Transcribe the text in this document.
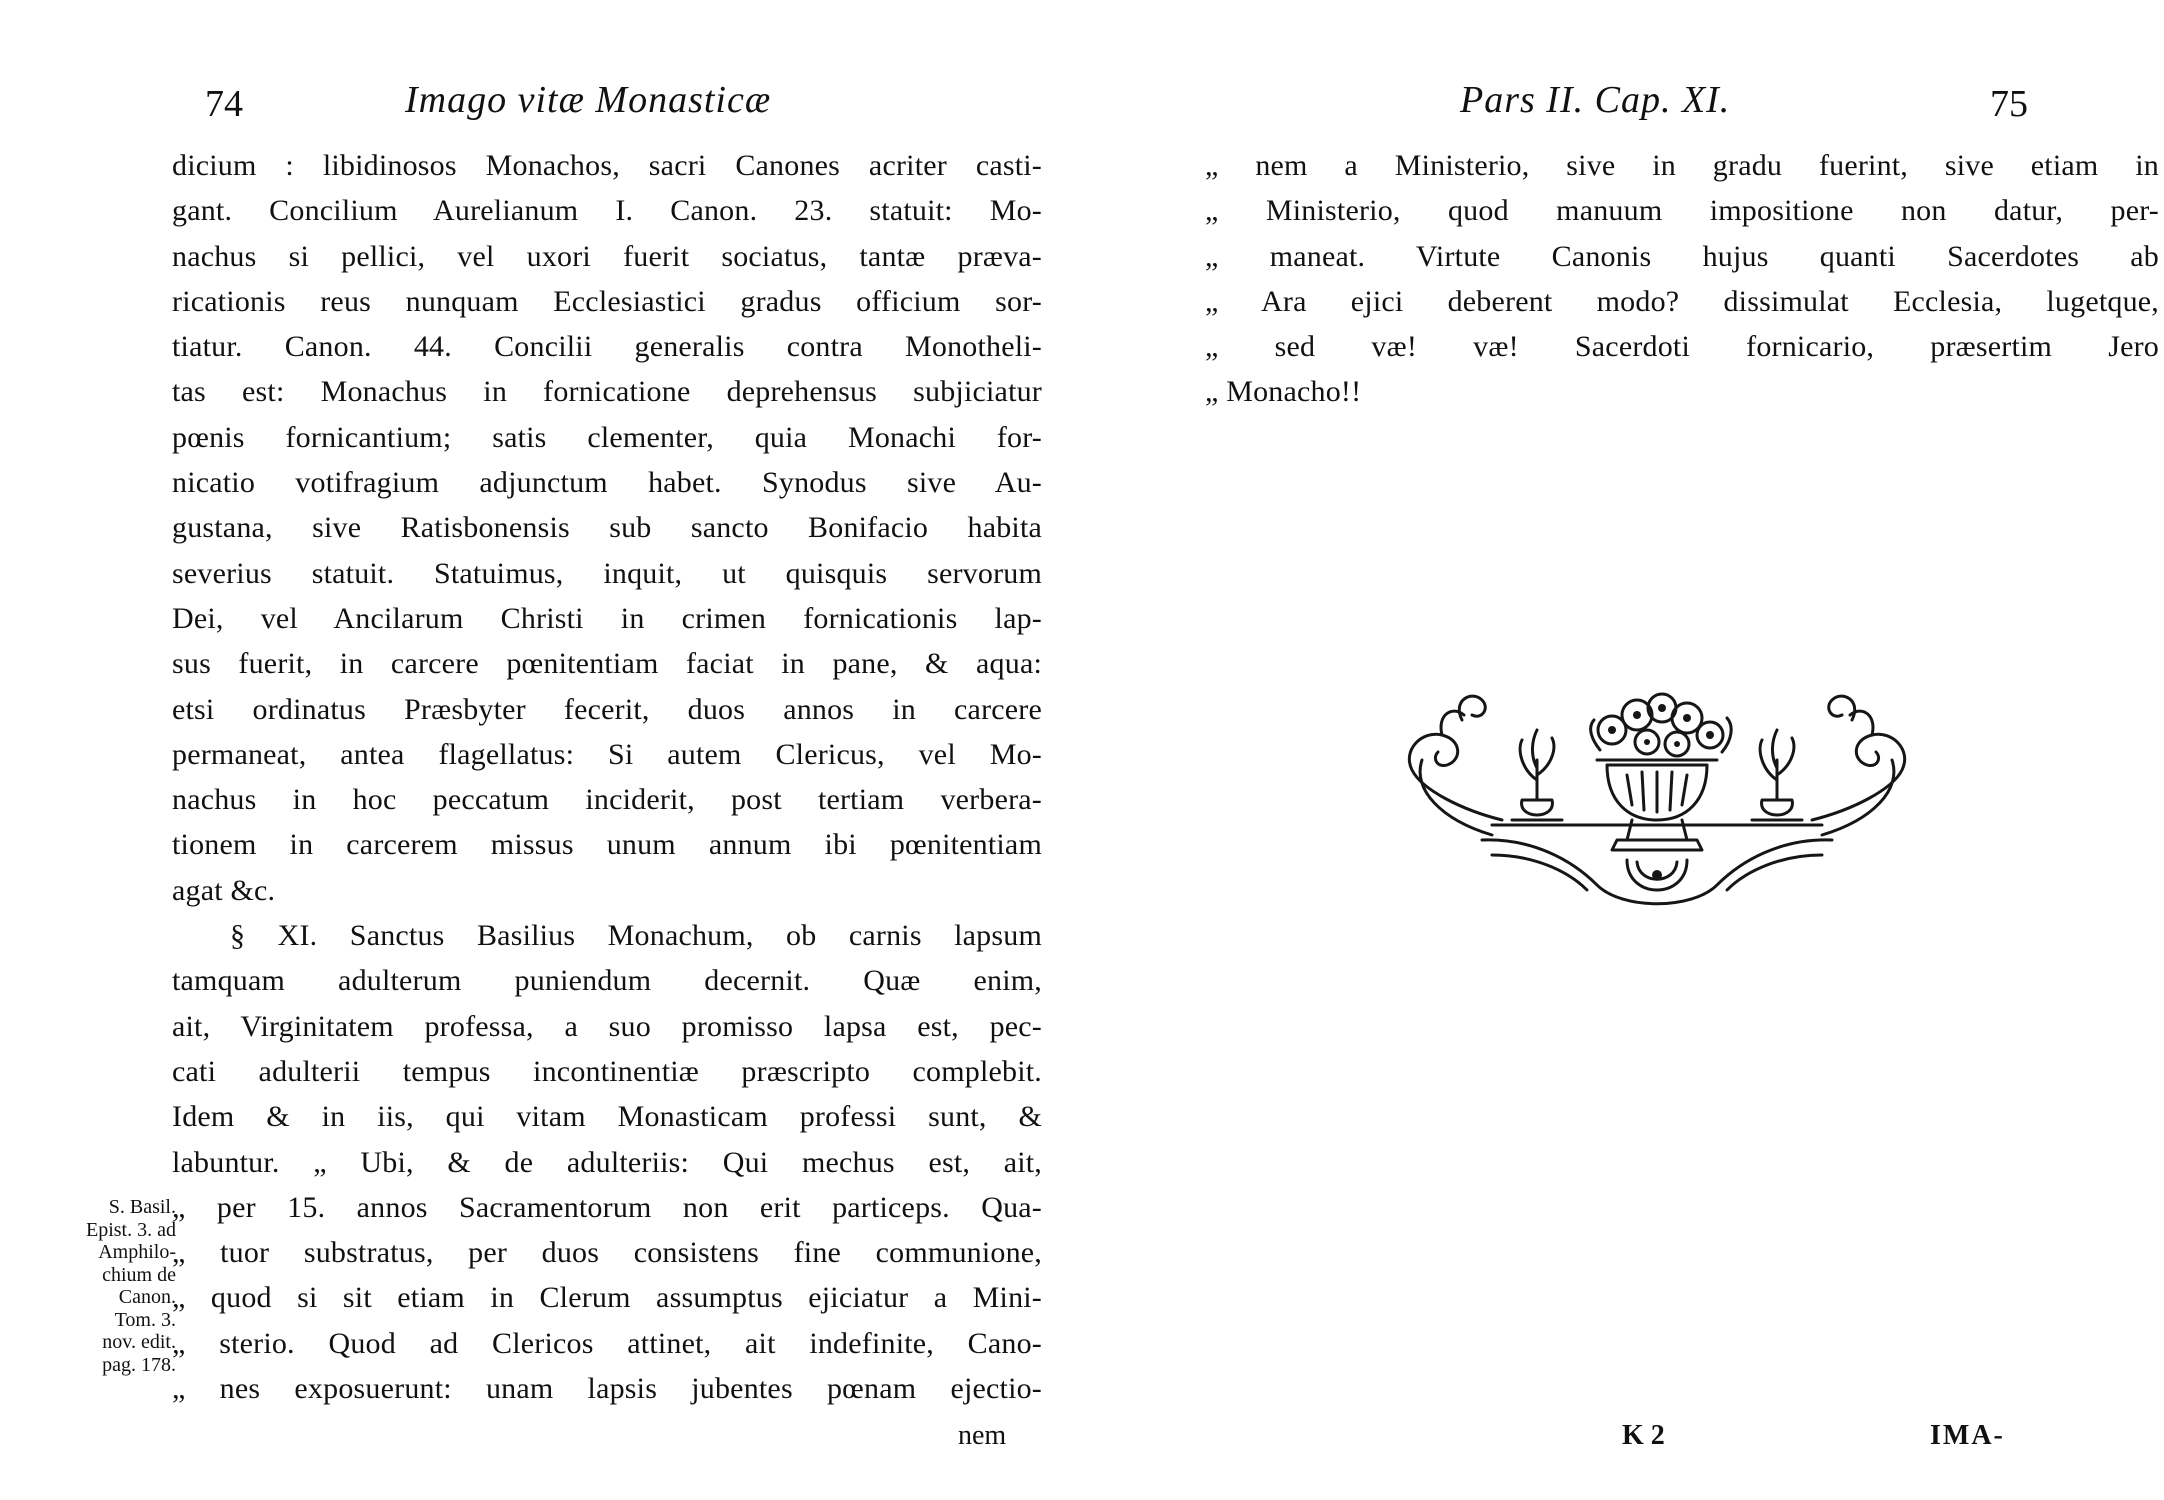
74	Imago vitæ Monasticæ
dicium : libidinosos Monachos, sacri Canones acriter casti-
gant. Concilium Aurelianum I. Canon. 23. statuit: Mo-
nachus si pellici, vel uxori fuerit sociatus, tantæ præva-
ricationis reus nunquam Ecclesiastici gradus officium sor-
tiatur. Canon. 44. Concilii generalis contra Monotheli-
tas est: Monachus in fornicatione deprehensus subjiciatur
pœnis fornicantium; satis clementer, quia Monachi for-
nicatio votifragium adjunctum habet. Synodus sive Au-
gustana, sive Ratisbonensis sub sancto Bonifacio habita
severius statuit. Statuimus, inquit, ut quisquis servorum
Dei, vel Ancilarum Christi in crimen fornicationis lap-
sus fuerit, in carcere pœnitentiam faciat in pane, & aqua:
etsi ordinatus Præsbyter fecerit, duos annos in carcere
permaneat, antea flagellatus: Si autem Clericus, vel Mo-
nachus in hoc peccatum inciderit, post tertiam verbera-
tionem in carcerem missus unum annum ibi pœnitentiam
agat &c.
§ XI. Sanctus Basilius Monachum, ob carnis lapsum
tamquam adulterum puniendum decernit. Quæ enim,
ait, Virginitatem professa, a suo promisso lapsa est, pec-
cati adulterii tempus incontinentiæ præscripto complebit.
Idem & in iis, qui vitam Monasticam professi sunt, &
labuntur. „ Ubi, & de adulteriis: Qui mechus est, ait,
„ per 15. annos Sacramentorum non erit particeps. Qua-
„ tuor substratus, per duos consistens fine communione,
„ quod si sit etiam in Clerum assumptus ejiciatur a Mini-
„ sterio. Quod ad Clericos attinet, ait indefinite, Cano-
„ nes exposuerunt: unam lapsis jubentes pœnam ejectio-
S. Basil.
Epist. 3. ad
Amphilo-
chium de
Canon.
Tom. 3.
nov. edit.
pag. 178.
nem
Pars II. Cap. XI.	75
„ nem a Ministerio, sive in gradu fuerint, sive etiam in
„ Ministerio, quod manuum impositione non datur, per-
„ maneat. Virtute Canonis hujus quanti Sacerdotes ab
„ Ara ejici deberent modo? dissimulat Ecclesia, lugetque,
„ sed væ! væ! Sacerdoti fornicario, præsertim Jero
„ Monacho!!
K 2	IMA-
